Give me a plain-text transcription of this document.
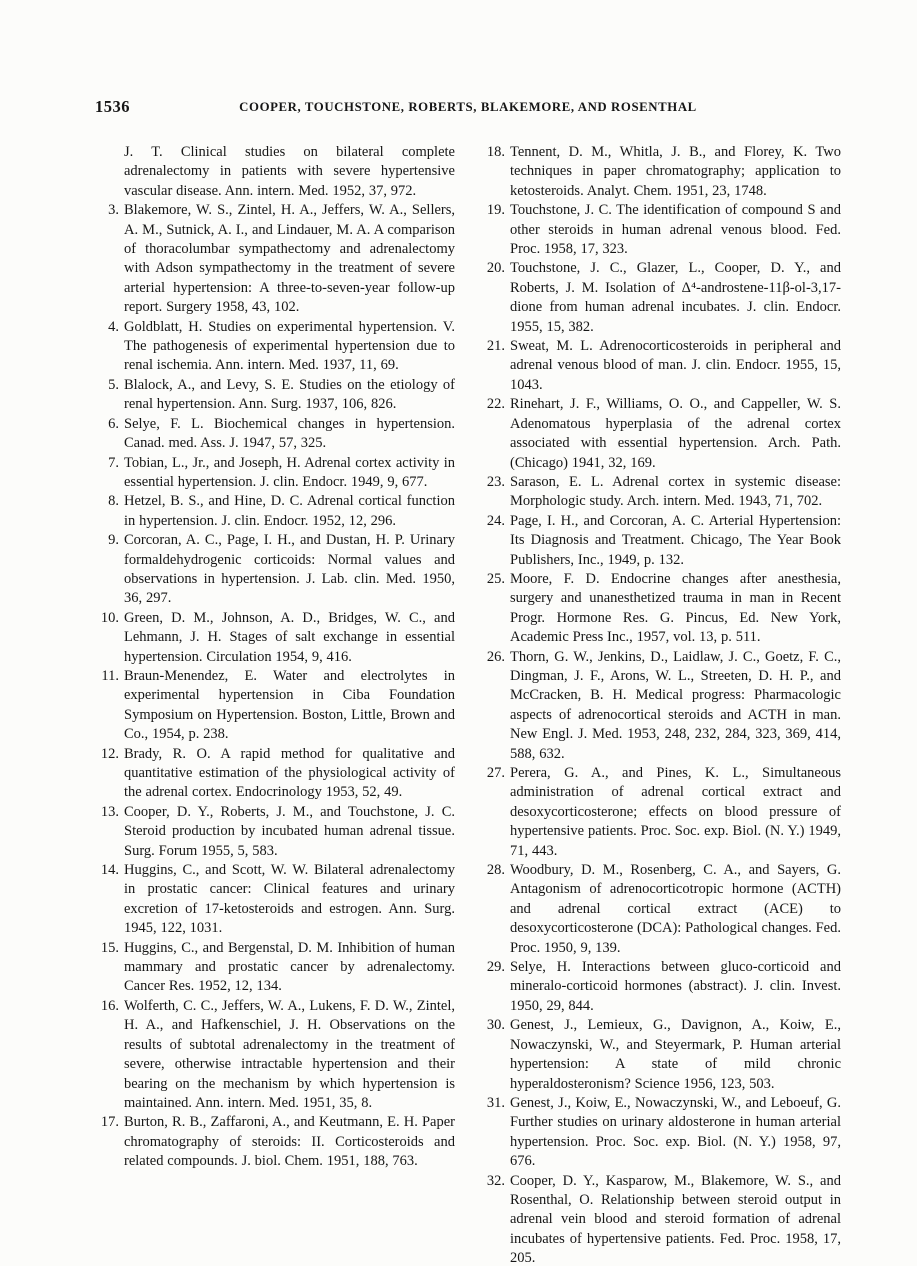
1536	COOPER, TOUCHSTONE, ROBERTS, BLAKEMORE, AND ROSENTHAL
J. T. Clinical studies on bilateral complete adrenalectomy in patients with severe hypertensive vascular disease. Ann. intern. Med. 1952, 37, 972.
3. Blakemore, W. S., Zintel, H. A., Jeffers, W. A., Sellers, A. M., Sutnick, A. I., and Lindauer, M. A. A comparison of thoracolumbar sympathectomy and adrenalectomy with Adson sympathectomy in the treatment of severe arterial hypertension: A three-to-seven-year follow-up report. Surgery 1958, 43, 102.
4. Goldblatt, H. Studies on experimental hypertension. V. The pathogenesis of experimental hypertension due to renal ischemia. Ann. intern. Med. 1937, 11, 69.
5. Blalock, A., and Levy, S. E. Studies on the etiology of renal hypertension. Ann. Surg. 1937, 106, 826.
6. Selye, F. L. Biochemical changes in hypertension. Canad. med. Ass. J. 1947, 57, 325.
7. Tobian, L., Jr., and Joseph, H. Adrenal cortex activity in essential hypertension. J. clin. Endocr. 1949, 9, 677.
8. Hetzel, B. S., and Hine, D. C. Adrenal cortical function in hypertension. J. clin. Endocr. 1952, 12, 296.
9. Corcoran, A. C., Page, I. H., and Dustan, H. P. Urinary formaldehydrogenic corticoids: Normal values and observations in hypertension. J. Lab. clin. Med. 1950, 36, 297.
10. Green, D. M., Johnson, A. D., Bridges, W. C., and Lehmann, J. H. Stages of salt exchange in essential hypertension. Circulation 1954, 9, 416.
11. Braun-Menendez, E. Water and electrolytes in experimental hypertension in Ciba Foundation Symposium on Hypertension. Boston, Little, Brown and Co., 1954, p. 238.
12. Brady, R. O. A rapid method for qualitative and quantitative estimation of the physiological activity of the adrenal cortex. Endocrinology 1953, 52, 49.
13. Cooper, D. Y., Roberts, J. M., and Touchstone, J. C. Steroid production by incubated human adrenal tissue. Surg. Forum 1955, 5, 583.
14. Huggins, C., and Scott, W. W. Bilateral adrenalectomy in prostatic cancer: Clinical features and urinary excretion of 17-ketosteroids and estrogen. Ann. Surg. 1945, 122, 1031.
15. Huggins, C., and Bergenstal, D. M. Inhibition of human mammary and prostatic cancer by adrenalectomy. Cancer Res. 1952, 12, 134.
16. Wolferth, C. C., Jeffers, W. A., Lukens, F. D. W., Zintel, H. A., and Hafkenschiel, J. H. Observations on the results of subtotal adrenalectomy in the treatment of severe, otherwise intractable hypertension and their bearing on the mechanism by which hypertension is maintained. Ann. intern. Med. 1951, 35, 8.
17. Burton, R. B., Zaffaroni, A., and Keutmann, E. H. Paper chromatography of steroids: II. Corticosteroids and related compounds. J. biol. Chem. 1951, 188, 763.
18. Tennent, D. M., Whitla, J. B., and Florey, K. Two techniques in paper chromatography; application to ketosteroids. Analyt. Chem. 1951, 23, 1748.
19. Touchstone, J. C. The identification of compound S and other steroids in human adrenal venous blood. Fed. Proc. 1958, 17, 323.
20. Touchstone, J. C., Glazer, L., Cooper, D. Y., and Roberts, J. M. Isolation of Δ⁴-androstene-11β-ol-3,17-dione from human adrenal incubates. J. clin. Endocr. 1955, 15, 382.
21. Sweat, M. L. Adrenocorticosteroids in peripheral and adrenal venous blood of man. J. clin. Endocr. 1955, 15, 1043.
22. Rinehart, J. F., Williams, O. O., and Cappeller, W. S. Adenomatous hyperplasia of the adrenal cortex associated with essential hypertension. Arch. Path. (Chicago) 1941, 32, 169.
23. Sarason, E. L. Adrenal cortex in systemic disease: Morphologic study. Arch. intern. Med. 1943, 71, 702.
24. Page, I. H., and Corcoran, A. C. Arterial Hypertension: Its Diagnosis and Treatment. Chicago, The Year Book Publishers, Inc., 1949, p. 132.
25. Moore, F. D. Endocrine changes after anesthesia, surgery and unanesthetized trauma in man in Recent Progr. Hormone Res. G. Pincus, Ed. New York, Academic Press Inc., 1957, vol. 13, p. 511.
26. Thorn, G. W., Jenkins, D., Laidlaw, J. C., Goetz, F. C., Dingman, J. F., Arons, W. L., Streeten, D. H. P., and McCracken, B. H. Medical progress: Pharmacologic aspects of adrenocortical steroids and ACTH in man. New Engl. J. Med. 1953, 248, 232, 284, 323, 369, 414, 588, 632.
27. Perera, G. A., and Pines, K. L., Simultaneous administration of adrenal cortical extract and desoxycorticosterone; effects on blood pressure of hypertensive patients. Proc. Soc. exp. Biol. (N. Y.) 1949, 71, 443.
28. Woodbury, D. M., Rosenberg, C. A., and Sayers, G. Antagonism of adrenocorticotropic hormone (ACTH) and adrenal cortical extract (ACE) to desoxycorticosterone (DCA): Pathological changes. Fed. Proc. 1950, 9, 139.
29. Selye, H. Interactions between gluco-corticoid and mineralo-corticoid hormones (abstract). J. clin. Invest. 1950, 29, 844.
30. Genest, J., Lemieux, G., Davignon, A., Koiw, E., Nowaczynski, W., and Steyermark, P. Human arterial hypertension: A state of mild chronic hyperaldosteronism? Science 1956, 123, 503.
31. Genest, J., Koiw, E., Nowaczynski, W., and Leboeuf, G. Further studies on urinary aldosterone in human arterial hypertension. Proc. Soc. exp. Biol. (N. Y.) 1958, 97, 676.
32. Cooper, D. Y., Kasparow, M., Blakemore, W. S., and Rosenthal, O. Relationship between steroid output in adrenal vein blood and steroid formation of adrenal incubates of hypertensive patients. Fed. Proc. 1958, 17, 205.
